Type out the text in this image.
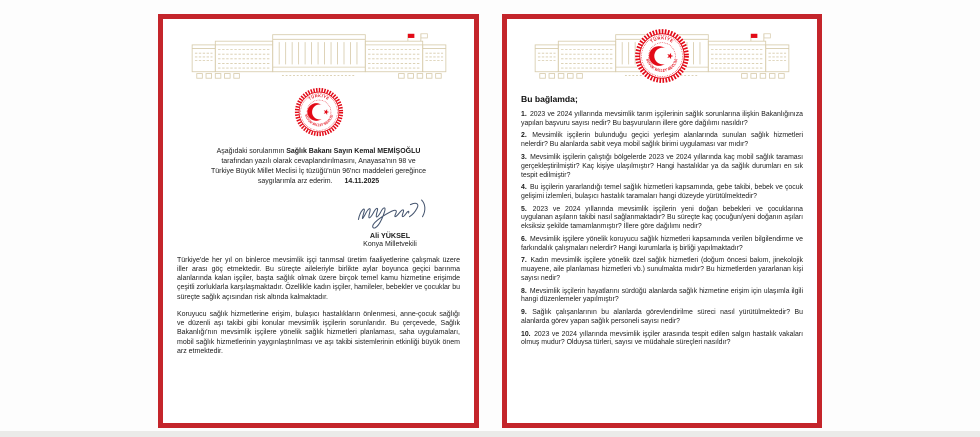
Aşağıdaki sorularımın Sağlık Bakanı Sayın Kemal MEMİŞOĞLU
tarafından yazılı olarak cevaplandırılmasını, Anayasa'nın 98 ve
Türkiye Büyük Millet Meclisi İç tüzüğü'nün 96'ncı maddeleri gereğince
saygılarımla arz ederim. 14.11.2025
Ali YÜKSEL
Konya Milletvekili

Türkiye'de her yıl on binlerce mevsimlik işçi tarımsal üretim faaliyetlerine çalışmak üzere iller arası göç etmektedir. Bu süreçte aileleriyle birlikte aylar boyunca geçici barınma alanlarında kalan işçiler, başta sağlık olmak üzere birçok temel kamu hizmetine erişimde çeşitli zorluklarla karşılaşmaktadır. Özellikle kadın işçiler, hamileler, bebekler ve çocuklar bu süreçte sağlık açısından risk altında kalmaktadır.

Koruyucu sağlık hizmetlerine erişim, bulaşıcı hastalıkların önlenmesi, anne-çocuk sağlığı ve düzenli aşı takibi gibi konular mevsimlik işçilerin sorunlarıdır. Bu çerçevede, Sağlık Bakanlığı'nın mevsimlik işçilere yönelik sağlık hizmetleri planlaması, saha uygulamaları, mobil sağlık hizmetlerinin yaygınlaştırılması ve aşı takibi sistemlerinin etkinliği büyük önem arz etmektedir.

Bu bağlamda;

1. 2023 ve 2024 yıllarında mevsimlik tarım işçilerinin sağlık sorunlarına ilişkin Bakanlığınıza yapılan başvuru sayısı nedir? Bu başvuruların illere göre dağılımı nasıldır?

2. Mevsimlik işçilerin bulunduğu geçici yerleşim alanlarında sunulan sağlık hizmetleri nelerdir? Bu alanlarda sabit veya mobil sağlık birimi uygulaması var mıdır?

3. Mevsimlik işçilerin çalıştığı bölgelerde 2023 ve 2024 yıllarında kaç mobil sağlık taraması gerçekleştirilmiştir? Kaç kişiye ulaşılmıştır? Hangi hastalıklar ya da sağlık durumları en sık tespit edilmiştir?

4. Bu işçilerin yararlandığı temel sağlık hizmetleri kapsamında, gebe takibi, bebek ve çocuk gelişimi izlemleri, bulaşıcı hastalık taramaları hangi düzeyde yürütülmektedir?

5. 2023 ve 2024 yıllarında mevsimlik işçilerin yeni doğan bebekleri ve çocuklarına uygulanan aşıların takibi nasıl sağlanmaktadır? Bu süreçte kaç çocuğun/yeni doğanın aşıları eksiksiz şekilde tamamlanmıştır? İllere göre dağılımı nedir?

6. Mevsimlik işçilere yönelik koruyucu sağlık hizmetleri kapsamında verilen bilgilendirme ve farkındalık çalışmaları nelerdir? Hangi kurumlarla iş birliği yapılmaktadır?

7. Kadın mevsimlik işçilere yönelik özel sağlık hizmetleri (doğum öncesi bakım, jinekolojik muayene, aile planlaması hizmetleri vb.) sunulmakta mıdır? Bu hizmetlerden yararlanan kişi sayısı nedir?

8. Mevsimlik işçilerin hayatlarını sürdüğü alanlarda sağlık hizmetine erişim için ulaşımla ilgili hangi düzenlemeler yapılmıştır?

9. Sağlık çalışanlarının bu alanlarda görevlendirilme süreci nasıl yürütülmektedir? Bu alanlarda görev yapan sağlık personeli sayısı nedir?

10. 2023 ve 2024 yıllarında mevsimlik işçiler arasında tespit edilen salgın hastalık vakaları olmuş mudur? Olduysa türleri, sayısı ve müdahale süreçleri nasıldır?
